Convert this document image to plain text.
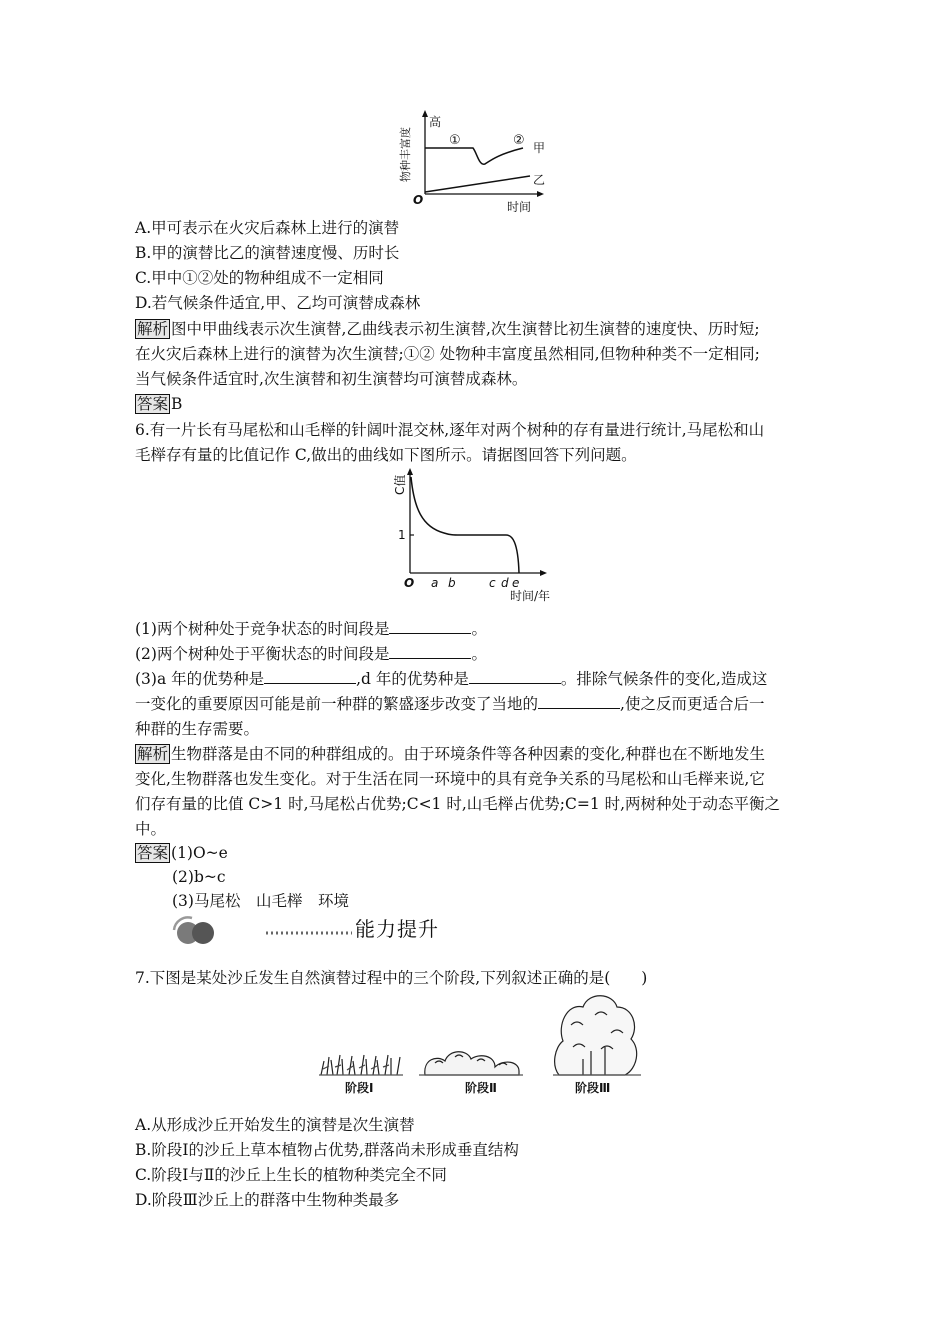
高
物种丰富度	①	② 甲
乙
O	时间
A.甲可表示在火灾后森林上进行的演替
B.甲的演替比乙的演替速度慢、历时长
C.甲中①②处的物种组成不一定相同
D.若气候条件适宜,甲、乙均可演替成森林
解析 图中甲曲线表示次生演替,乙曲线表示初生演替,次生演替比初生演替的速度快、历时短;
在火灾后森林上进行的演替为次生演替;①② 处物种丰富度虽然相同,但物种种类不一定相同;
当气候条件适宜时,次生演替和初生演替均可演替成森林。
答案 B
6.有一片长有马尾松和山毛榉的针阔叶混交林,逐年对两个树种的存有量进行统计,马尾松和山
毛榉存有量的比值记作 C,做出的曲线如下图所示。请据图回答下列问题。
C值
1
O a b	c d e
时间/年
(1)两个树种处于竞争状态的时间段是	。
(2)两个树种处于平衡状态的时间段是	。
(3)a 年的优势种是	,d 年的优势种是	。排除气候条件的变化,造成这
一变化的重要原因可能是前一种群的繁盛逐步改变了当地的	,使之反而更适合后一
种群的生存需要。
解析 生物群落是由不同的种群组成的。由于环境条件等各种因素的变化,种群也在不断地发生
变化,生物群落也发生变化。对于生活在同一环境中的具有竞争关系的马尾松和山毛榉来说,它
们存有量的比值 C>1 时,马尾松占优势;C<1 时,山毛榉占优势;C=1 时,两树种处于动态平衡之
中。
答案 (1)O~e
(2)b~c
(3)马尾松　山毛榉　环境
能力提升
7.下图是某处沙丘发生自然演替过程中的三个阶段,下列叙述正确的是(　　)
阶段Ⅰ	阶段Ⅱ	阶段Ⅲ
A.从形成沙丘开始发生的演替是次生演替
B.阶段Ⅰ的沙丘上草本植物占优势,群落尚未形成垂直结构
C.阶段Ⅰ与Ⅱ的沙丘上生长的植物种类完全不同
D.阶段Ⅲ沙丘上的群落中生物种类最多
